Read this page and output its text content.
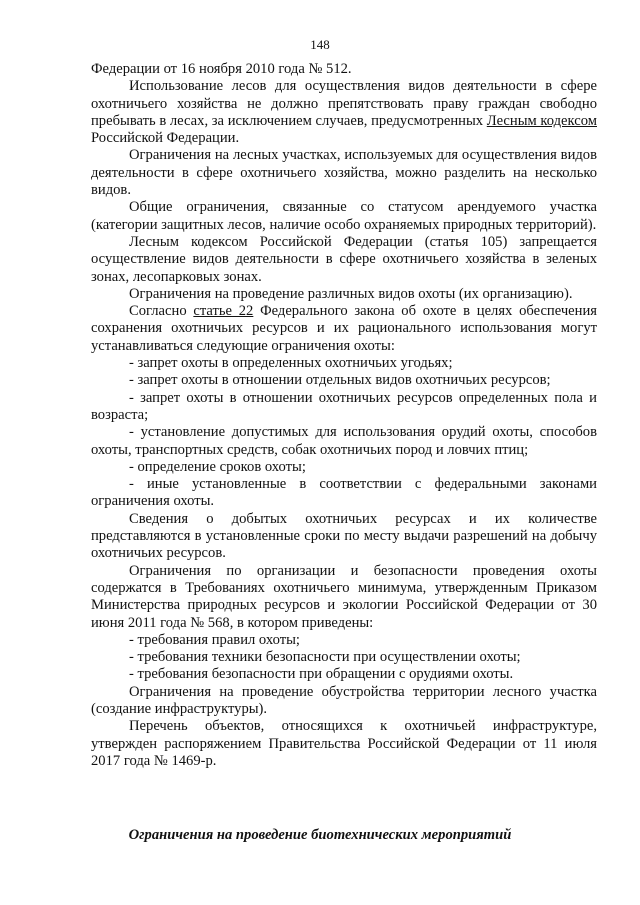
148

Федерации от 16 ноября 2010 года № 512.

Использование лесов для осуществления видов деятельности в сфере охотничьего хозяйства не должно препятствовать праву граждан свободно пребывать в лесах, за исключением случаев, предусмотренных Лесным кодексом Российской Федерации.

Ограничения на лесных участках, используемых для осуществления видов деятельности в сфере охотничьего хозяйства, можно разделить на несколько видов.

Общие ограничения, связанные со статусом арендуемого участка (категории защитных лесов, наличие особо охраняемых природных территорий).

Лесным кодексом Российской Федерации (статья 105) запрещается осуществление видов деятельности в сфере охотничьего хозяйства в зеленых зонах, лесопарковых зонах.

Ограничения на проведение различных видов охоты (их организацию).

Согласно статье 22 Федерального закона об охоте в целях обеспечения сохранения охотничьих ресурсов и их рационального использования могут устанавливаться следующие ограничения охоты:

- запрет охоты в определенных охотничьих угодьях;

- запрет охоты в отношении отдельных видов охотничьих ресурсов;

- запрет охоты в отношении охотничьих ресурсов определенных пола и возраста;

- установление допустимых для использования орудий охоты, способов охоты, транспортных средств, собак охотничьих пород и ловчих птиц;

- определение сроков охоты;

- иные установленные в соответствии с федеральными законами ограничения охоты.

Сведения о добытых охотничьих ресурсах и их количестве представляются в установленные сроки по месту выдачи разрешений на добычу охотничьих ресурсов.

Ограничения по организации и безопасности проведения охоты содержатся в Требованиях охотничьего минимума, утвержденным Приказом Министерства природных ресурсов и экологии Российской Федерации от 30 июня 2011 года № 568, в котором приведены:

- требования правил охоты;

- требования техники безопасности при осуществлении охоты;

- требования безопасности при обращении с орудиями охоты.

Ограничения на проведение обустройства территории лесного участка (создание инфраструктуры).

Перечень объектов, относящихся к охотничьей инфраструктуре, утвержден распоряжением Правительства Российской Федерации от 11 июля 2017 года № 1469-р.

Ограничения на проведение биотехнических мероприятий
